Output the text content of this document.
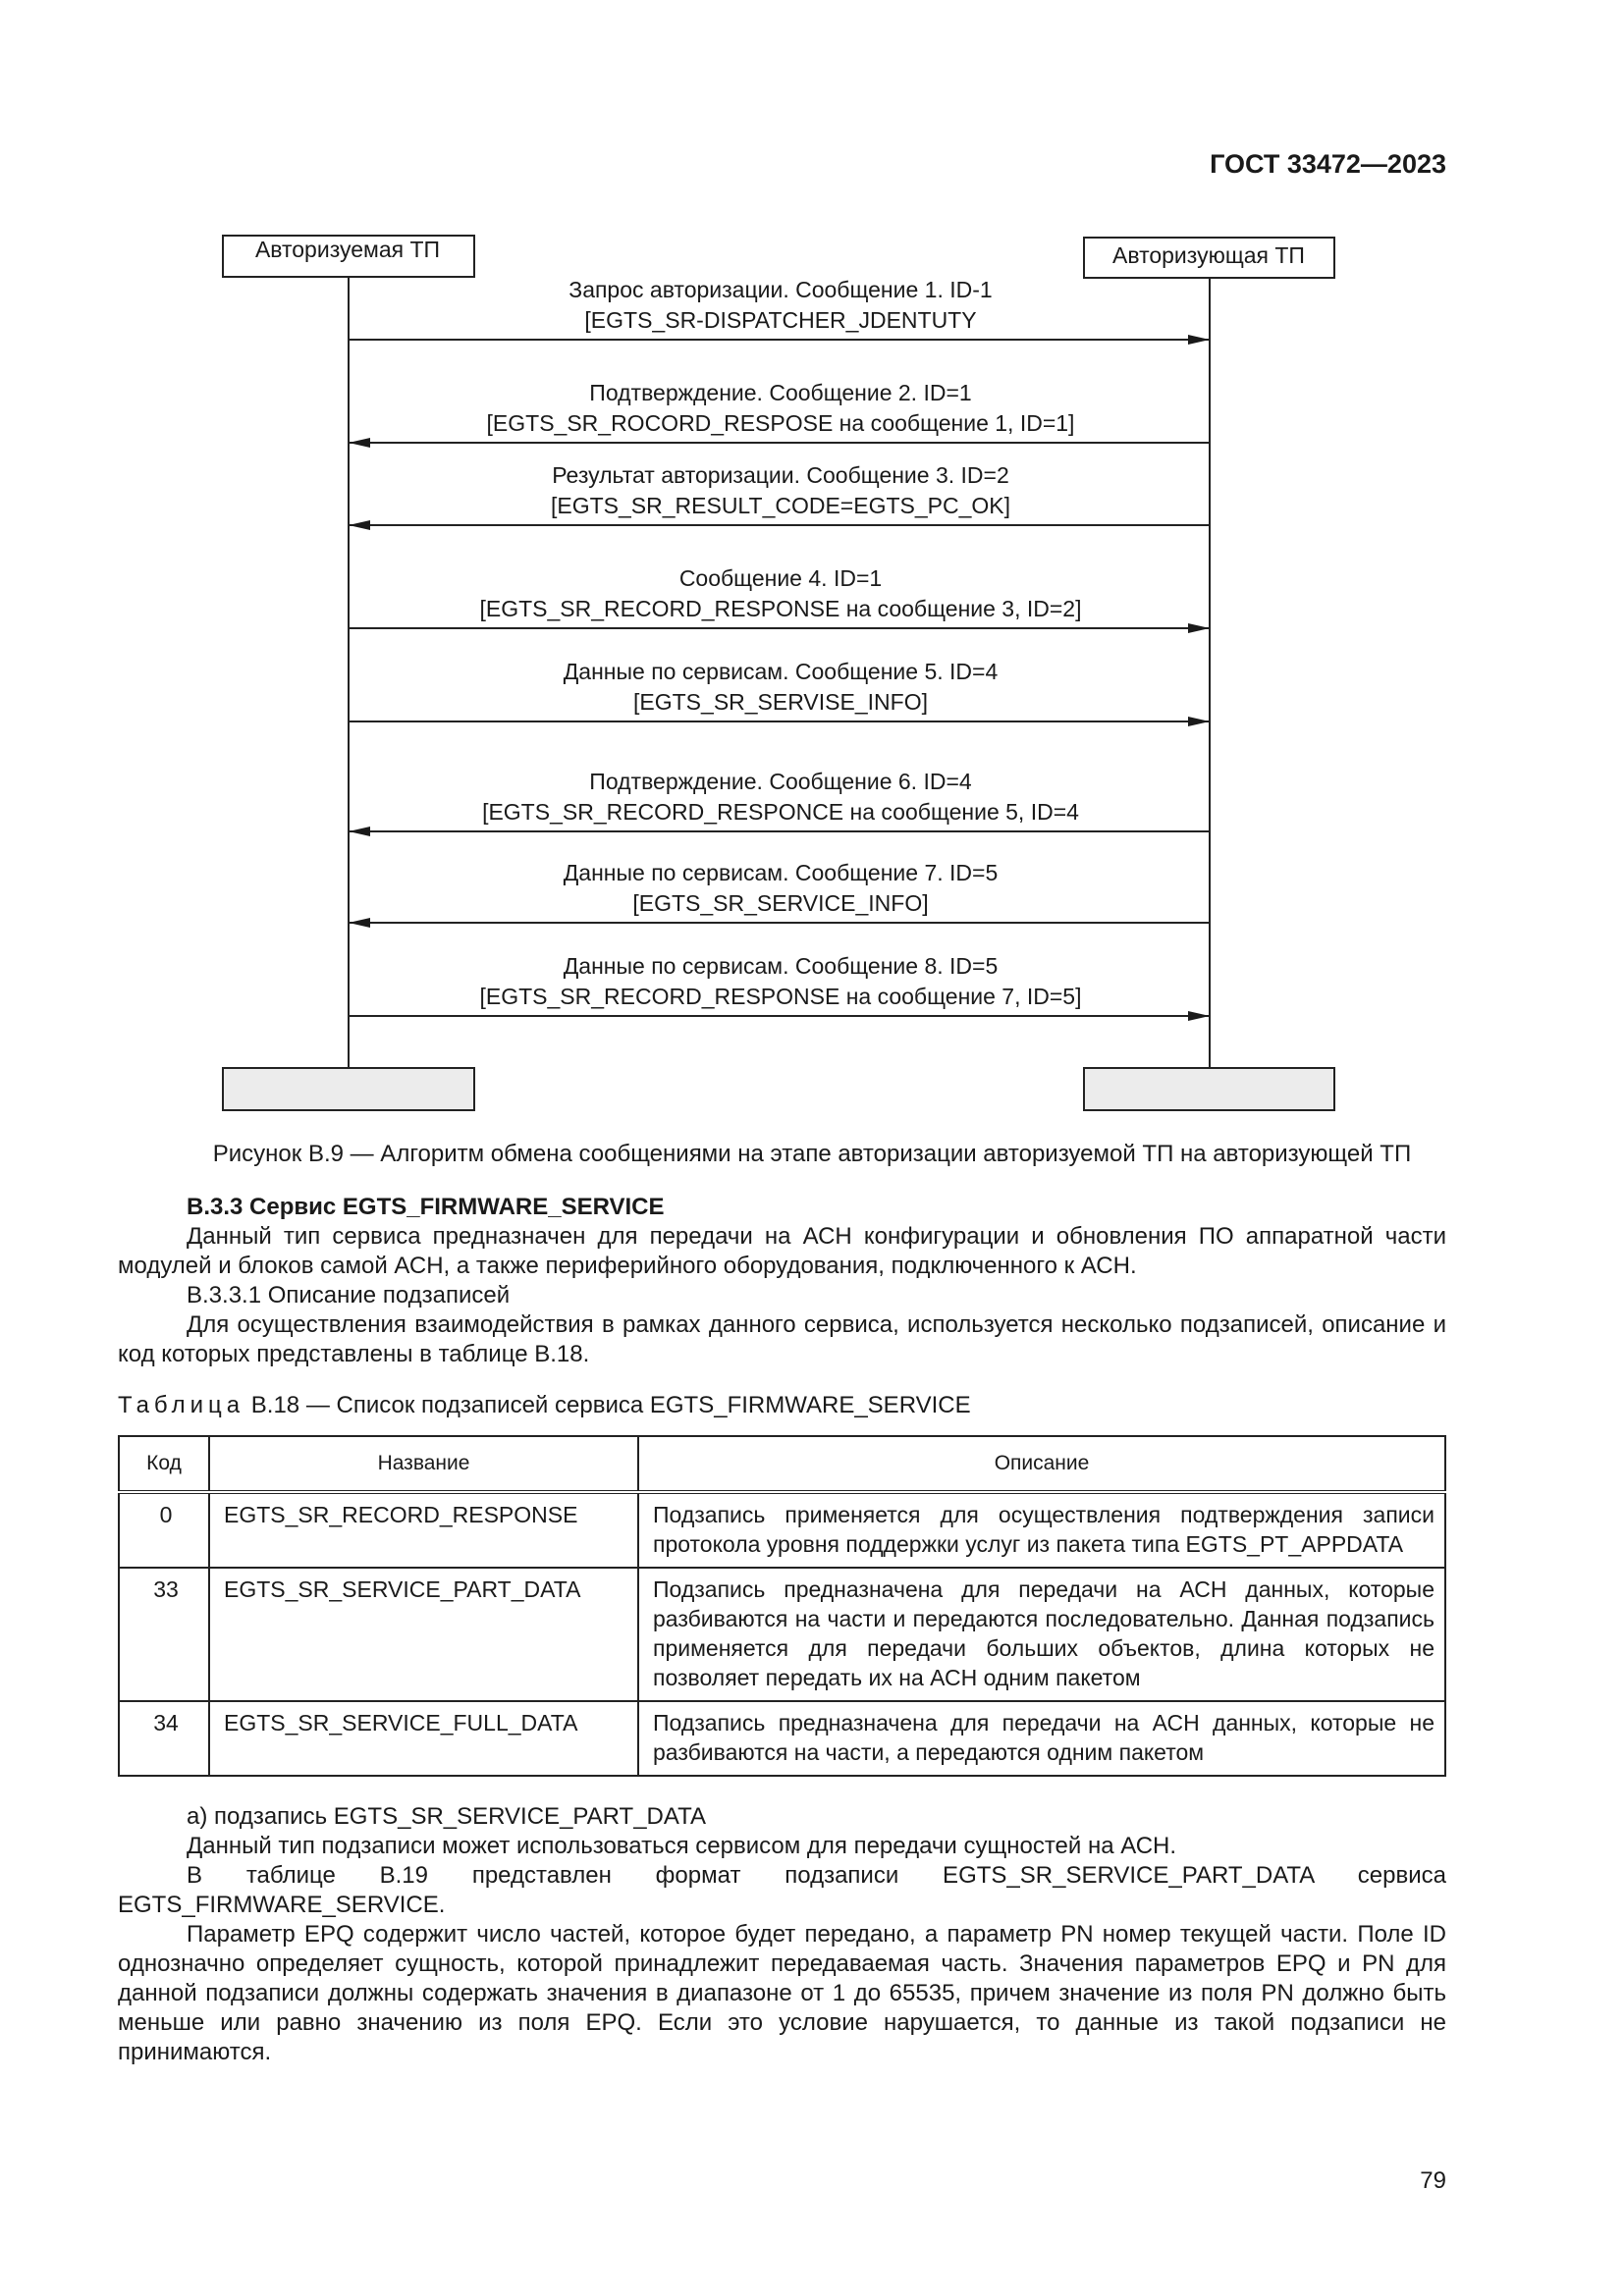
ГОСТ 33472—2023
Авторизуемая ТП	Авторизующая ТП
Запрос авторизации. Сообщение 1. ID-1
[EGTS_SR-DISPATCHER_JDENTUTY
Подтверждение. Сообщение 2. ID=1
[EGTS_SR_ROCORD_RESPOSE на сообщение 1, ID=1]
Результат авторизации. Сообщение 3. ID=2
[EGTS_SR_RESULT_CODE=EGTS_PC_OK]
Сообщение 4. ID=1
[EGTS_SR_RECORD_RESPONSE на сообщение 3, ID=2]
Данные по сервисам. Сообщение 5. ID=4
[EGTS_SR_SERVISE_INFO]
Подтверждение. Сообщение 6. ID=4
[EGTS_SR_RECORD_RESPONCE на сообщение 5, ID=4
Данные по сервисам. Сообщение 7. ID=5
[EGTS_SR_SERVICE_INFO]
Данные по сервисам. Сообщение 8. ID=5
[EGTS_SR_RECORD_RESPONSE на сообщение 7, ID=5]
Рисунок В.9 — Алгоритм обмена сообщениями на этапе авторизации авторизуемой ТП на авторизующей ТП

В.3.3 Сервис EGTS_FIRMWARE_SERVICE

Данный тип сервиса предназначен для передачи на АСН конфигурации и обновления ПО аппаратной части модулей и блоков самой АСН, а также периферийного оборудования, подключенного к АСН.

В.3.3.1 Описание подзаписей

Для осуществления взаимодействия в рамках данного сервиса, используется несколько подзаписей, описание и код которых представлены в таблице В.18.

Таблица В.18 — Список подзаписей сервиса EGTS_FIRMWARE_SERVICE
Код	Название	Описание
0	EGTS_SR_RECORD_RESPONSE	Подзапись применяется для осуществления подтверждения записи протокола уровня поддержки услуг из пакета типа EGTS_PT_APPDATA
33	EGTS_SR_SERVICE_PART_DATA	Подзапись предназначена для передачи на АСН данных, которые разбиваются на части и передаются последовательно. Данная подзапись применяется для передачи больших объектов, длина которых не позволяет передать их на АСН одним пакетом
34	EGTS_SR_SERVICE_FULL_DATA	Подзапись предназначена для передачи на АСН данных, которые не разбиваются на части, а передаются одним пакетом

а) подзапись EGTS_SR_SERVICE_PART_DATA

Данный тип подзаписи может использоваться сервисом для передачи сущностей на АСН.

В таблице В.19 представлен формат подзаписи EGTS_SR_SERVICE_PART_DATA сервиса EGTS_FIRMWARE_SERVICE.

Параметр EPQ содержит число частей, которое будет передано, а параметр PN номер текущей части. Поле ID однозначно определяет сущность, которой принадлежит передаваемая часть. Значения параметров EPQ и PN для данной подзаписи должны содержать значения в диапазоне от 1 до 65535, причем значение из поля PN должно быть меньше или равно значению из поля EPQ. Если это условие нарушается, то данные из такой подзаписи не принимаются.

79
